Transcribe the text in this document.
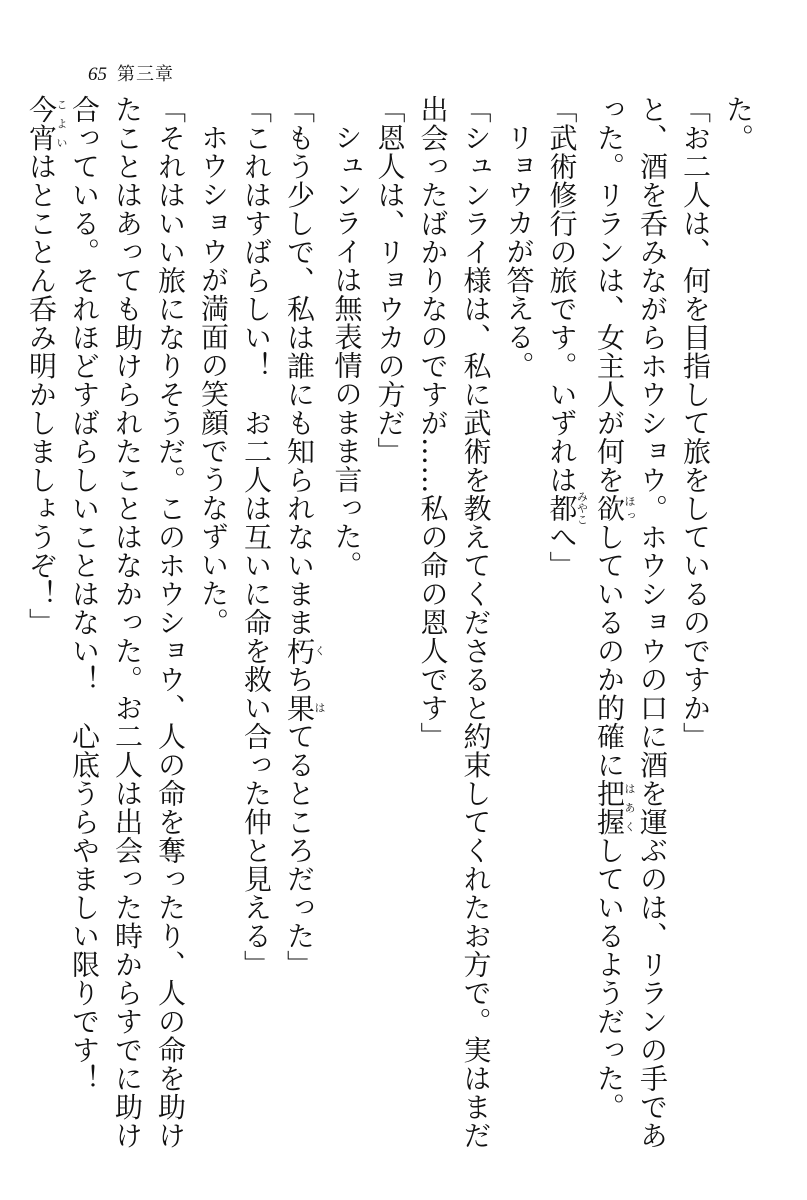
65 第三章

た。

「お二人は、何を目指して旅をしているのですか」

と、酒を呑みながらホウショウ。ホウショウの口に酒を運ぶのは、リランの手であった。リランは、女主人が何を欲ほっしているのか的確に把握はあくしているようだった。

「武術修行の旅です。いずれは都みやこへ」

リョウカが答える。

「シュンライ様は、私に武術を教えてくださると約束してくれたお方で。実はまだ出会ったばかりなのですが……私の命の恩人です」

「恩人は、リョウカの方だ」

シュンライは無表情のまま言った。

「もう少しで、私は誰にも知られないまま朽くち果はてるところだった」

「これはすばらしい！　お二人は互いに命を救い合った仲と見える」

ホウショウが満面の笑顔でうなずいた。

「それはいい旅になりそうだ。このホウショウ、人の命を奪ったり、人の命を助けたことはあっても助けられたことはなかった。お二人は出会った時からすでに助け合っている。それほどすばらしいことはない！　心底うらやましい限りです！　今宵こよいはとことん呑み明かしましょうぞ！」
